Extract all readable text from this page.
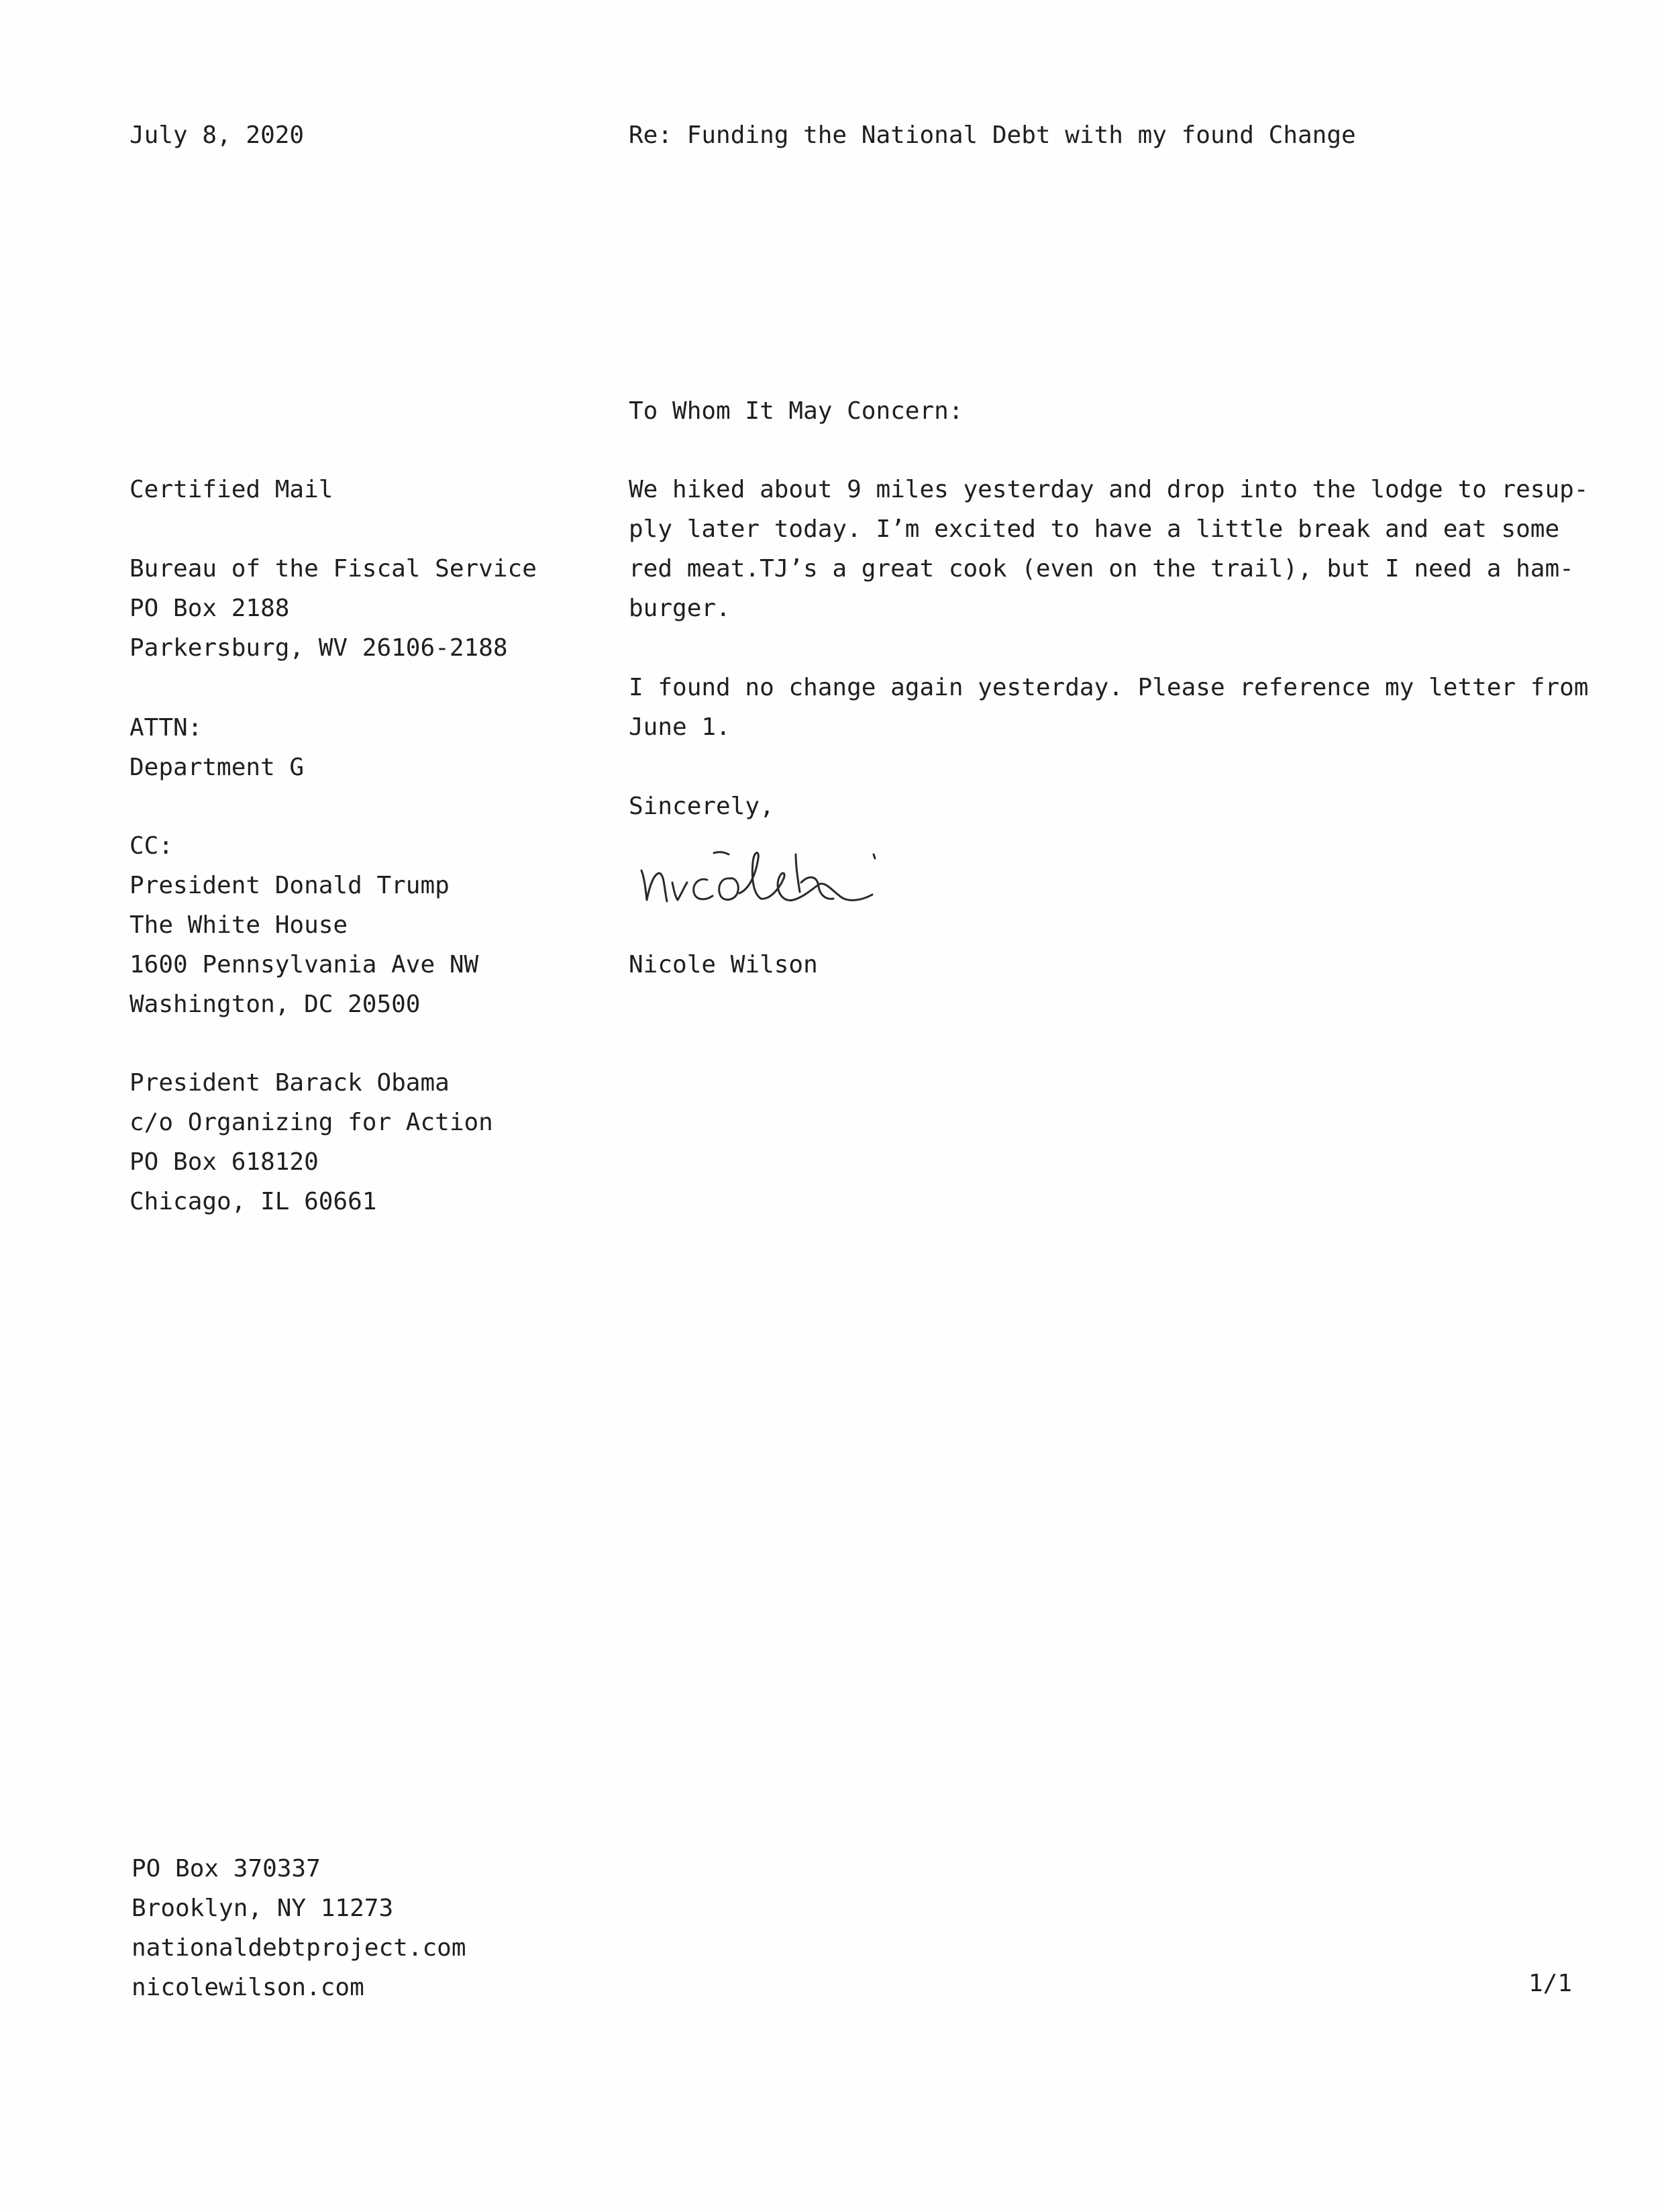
July 8, 2020	Re: Funding the National Debt with my found Change
To Whom It May Concern:
Certified Mail
Bureau of the Fiscal Service
PO Box 2188
Parkersburg, WV 26106-2188
ATTN:
Department G
CC:
President Donald Trump
The White House
1600 Pennsylvania Ave NW
Washington, DC 20500
President Barack Obama
c/o Organizing for Action
PO Box 618120
Chicago, IL 60661
We hiked about 9 miles yesterday and drop into the lodge to resup-
ply later today. I’m excited to have a little break and eat some
red meat.TJ’s a great cook (even on the trail), but I need a ham-
burger.
I found no change again yesterday. Please reference my letter from
June 1.
Sincerely,
Nicole Wilson
PO Box 370337
Brooklyn, NY 11273
nationaldebtproject.com
nicolewilson.com	1/1
